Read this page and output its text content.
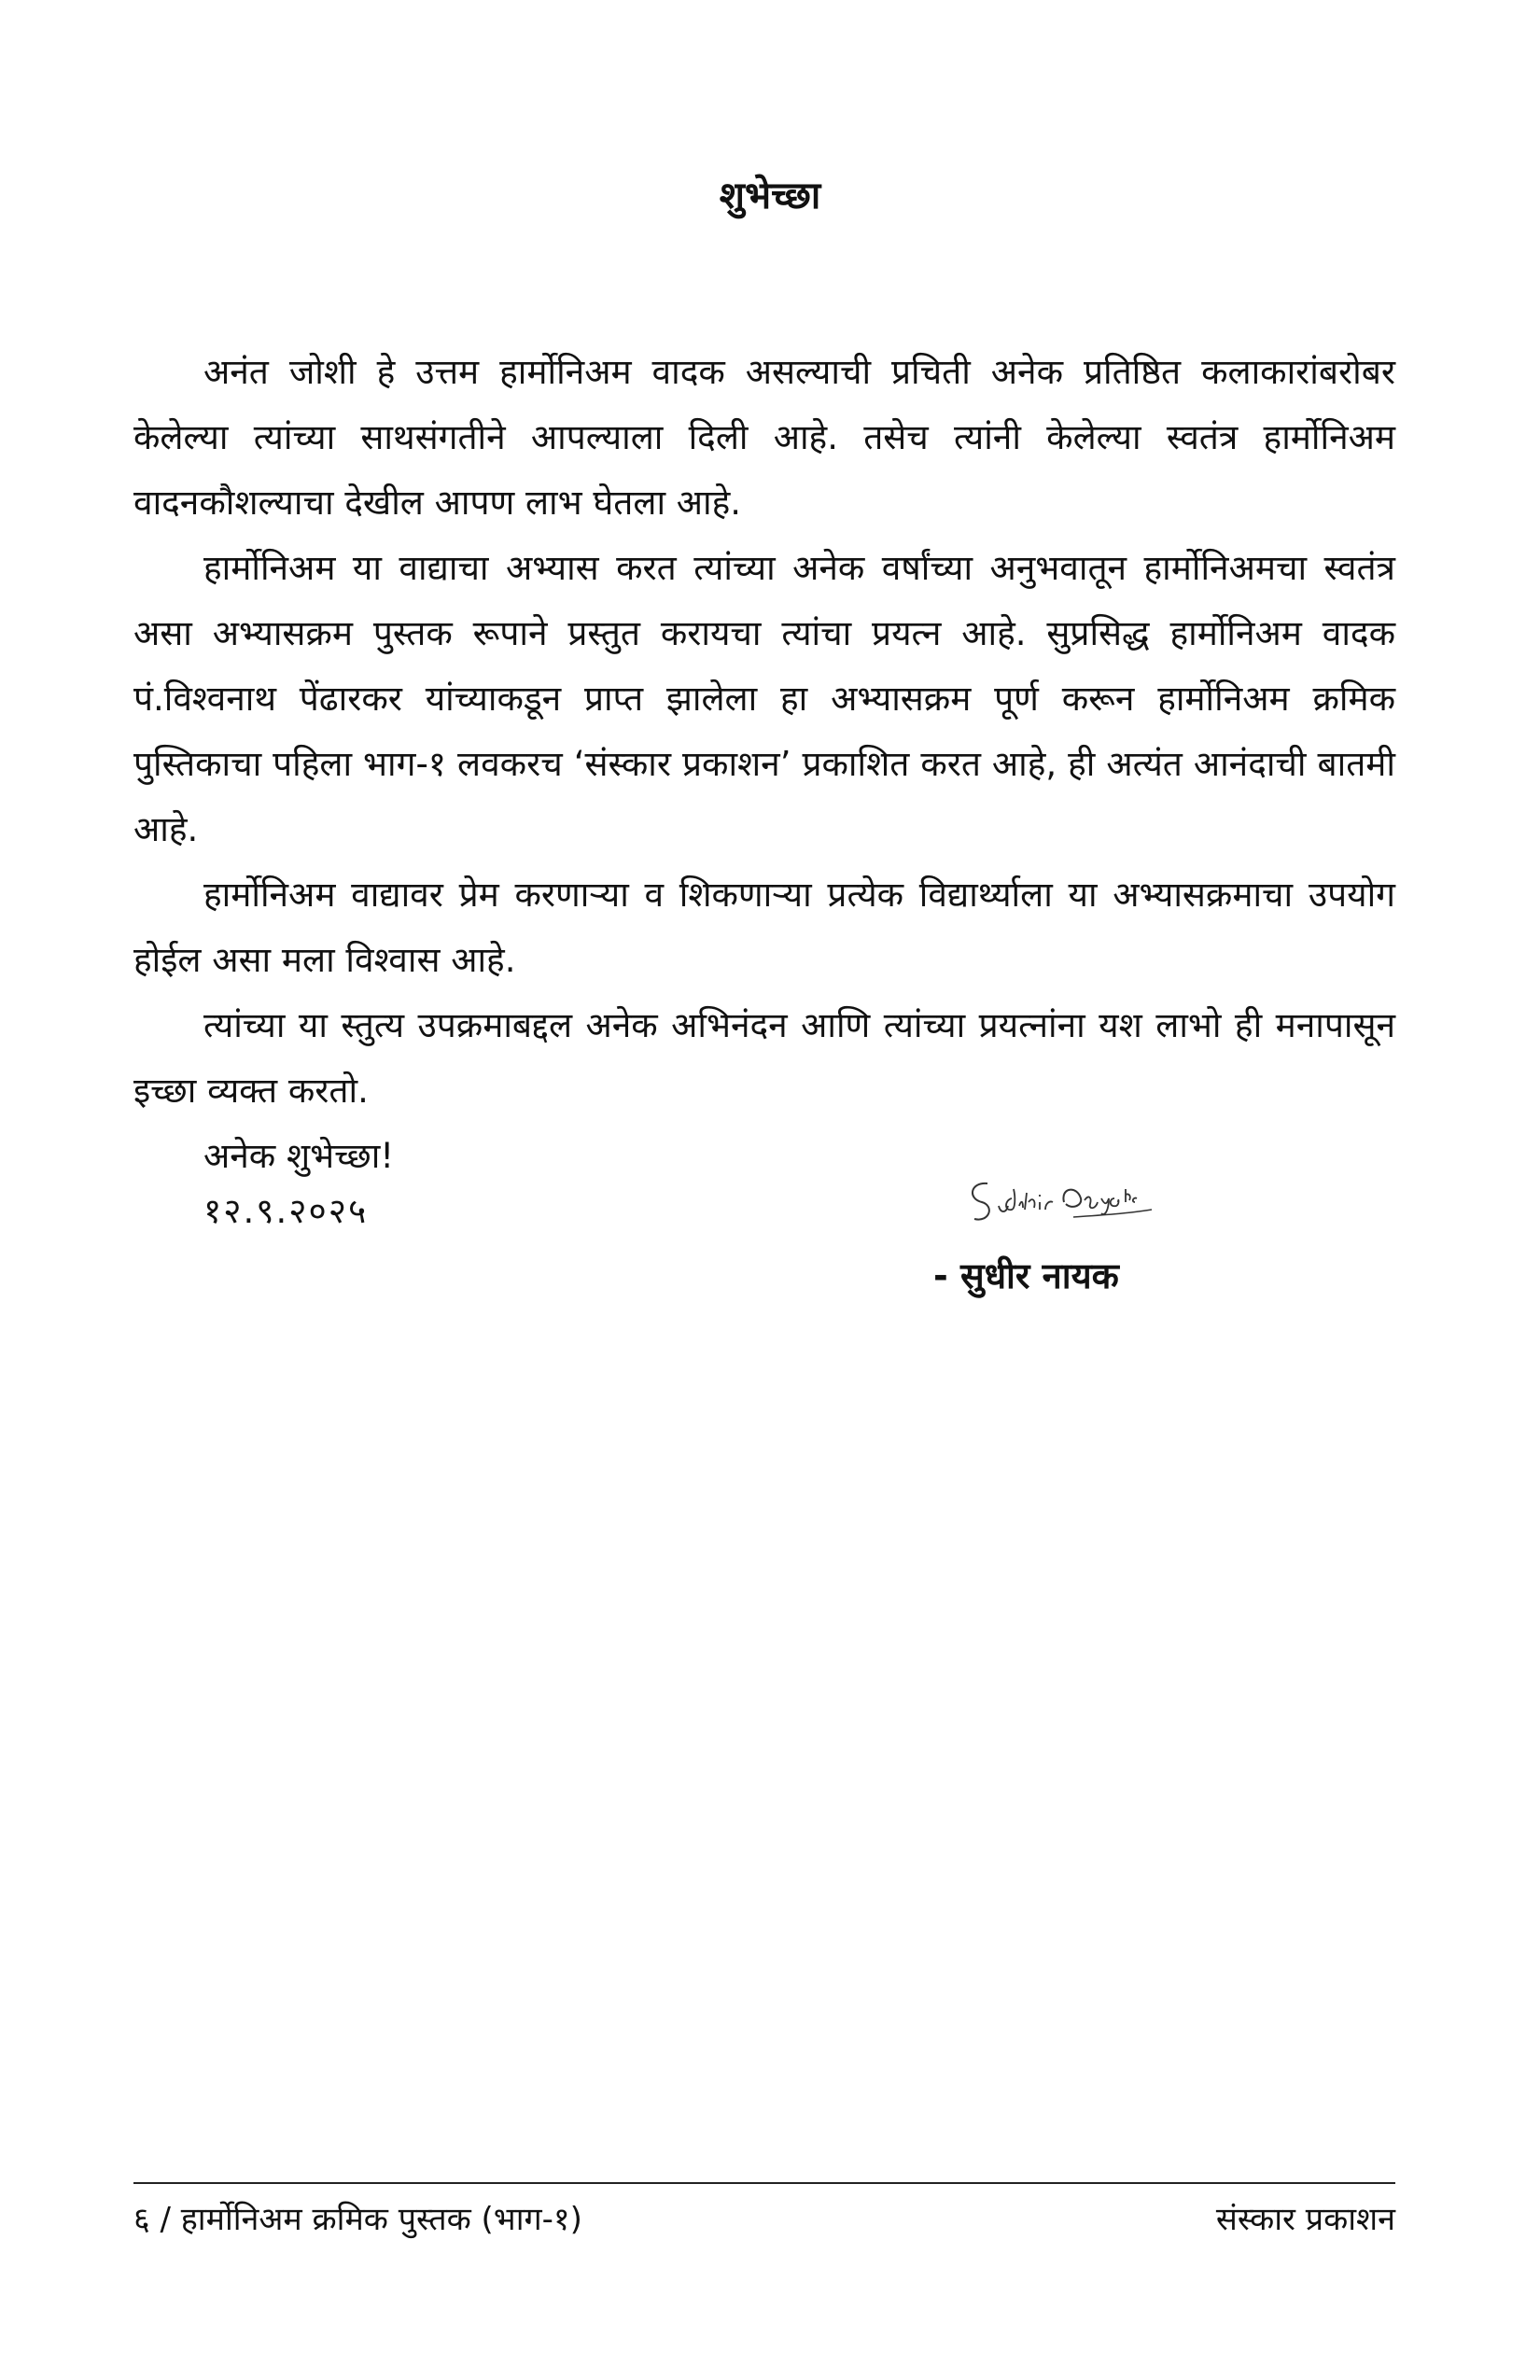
शुभेच्छा

अनंत जोशी हे उत्तम हार्मोनिअम वादक असल्याची प्रचिती अनेक प्रतिष्ठित कलाकारांबरोबर केलेल्या त्यांच्या साथसंगतीने आपल्याला दिली आहे. तसेच त्यांनी केलेल्या स्वतंत्र हार्मोनिअम वादनकौशल्याचा देखील आपण लाभ घेतला आहे.

हार्मोनिअम या वाद्याचा अभ्यास करत त्यांच्या अनेक वर्षांच्या अनुभवातून हार्मोनिअमचा स्वतंत्र असा अभ्यासक्रम पुस्तक रूपाने प्रस्तुत करायचा त्यांचा प्रयत्न आहे. सुप्रसिद्ध हार्मोनिअम वादक पं.विश्वनाथ पेंढारकर यांच्याकडून प्राप्त झालेला हा अभ्यासक्रम पूर्ण करून हार्मोनिअम क्रमिक पुस्तिकाचा पहिला भाग-१ लवकरच ‘संस्कार प्रकाशन’ प्रकाशित करत आहे, ही अत्यंत आनंदाची बातमी आहे.

हार्मोनिअम वाद्यावर प्रेम करणाऱ्या व शिकणाऱ्या प्रत्येक विद्यार्थ्याला या अभ्यासक्रमाचा उपयोग होईल असा मला विश्वास आहे.

त्यांच्या या स्तुत्य उपक्रमाबद्दल अनेक अभिनंदन आणि त्यांच्या प्रयत्नांना यश लाभो ही मनापासून इच्छा व्यक्त करतो.

अनेक शुभेच्छा!

१२.९.२०२५
- सुधीर नायक
६ / हार्मोनिअम क्रमिक पुस्तक (भाग-१)	संस्कार प्रकाशन
